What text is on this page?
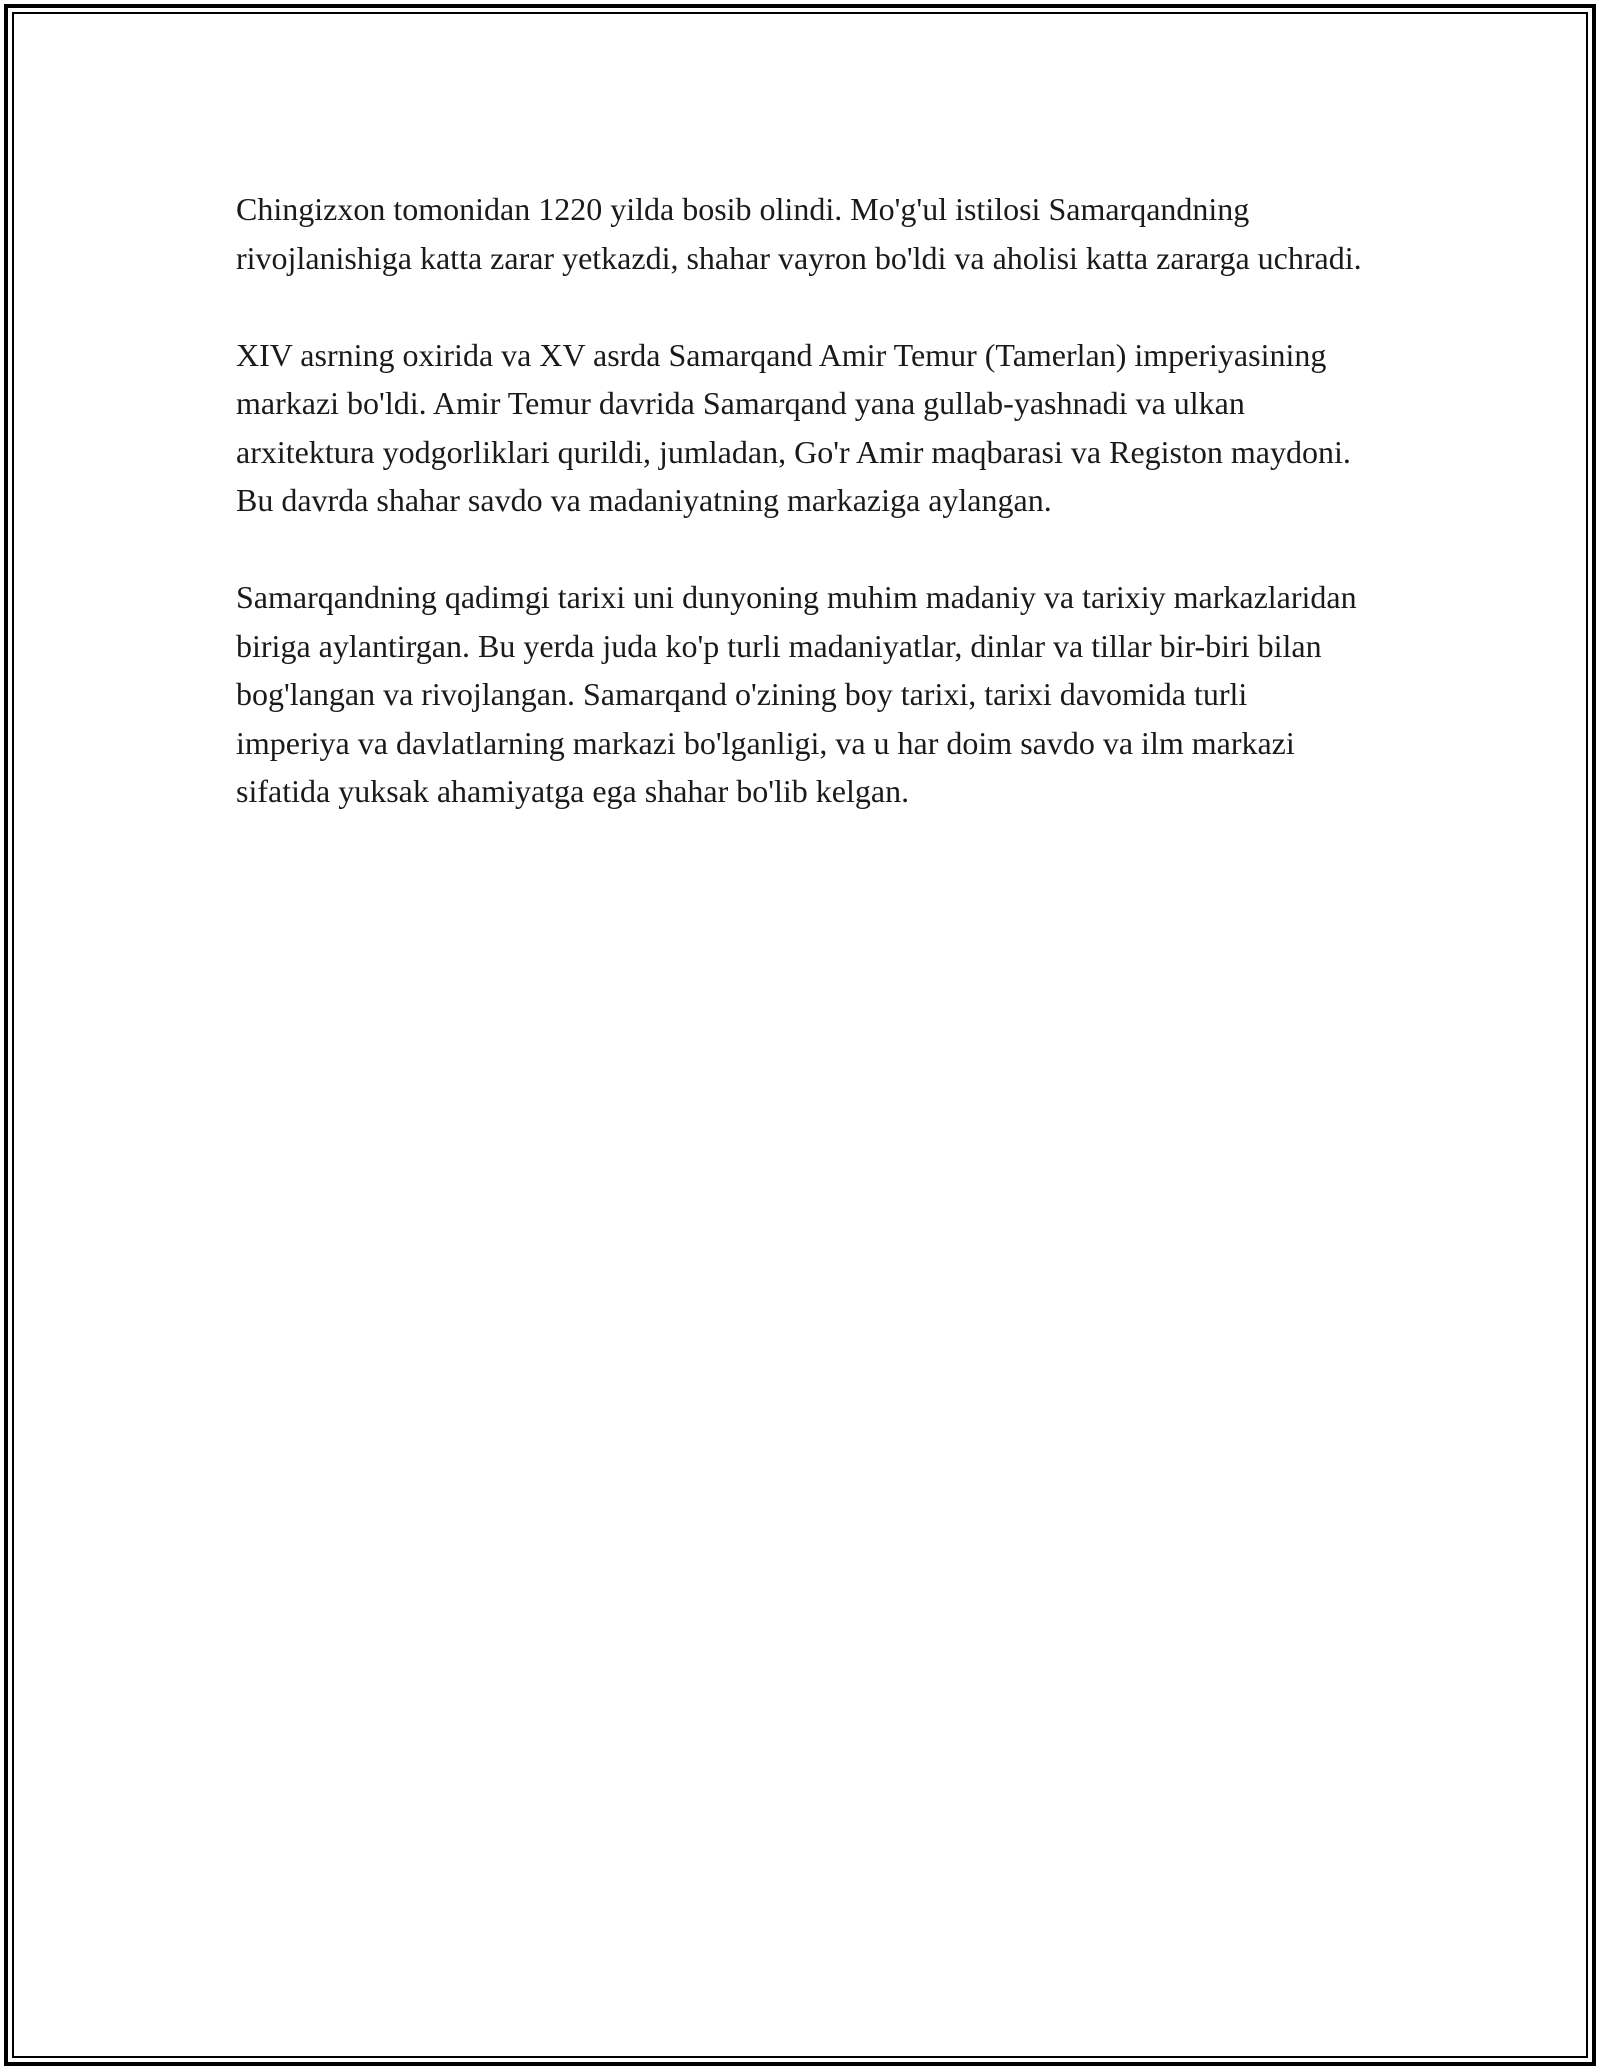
Chingizxon tomonidan 1220 yilda bosib olindi. Mo'g'ul istilosi Samarqandning rivojlanishiga katta zarar yetkazdi, shahar vayron bo'ldi va aholisi katta zararga uchradi.

XIV asrning oxirida va XV asrda Samarqand Amir Temur (Tamerlan) imperiyasining markazi bo'ldi. Amir Temur davrida Samarqand yana gullab-yashnadi va ulkan arxitektura yodgorliklari qurildi, jumladan, Go'r Amir maqbarasi va Registon maydoni. Bu davrda shahar savdo va madaniyatning markaziga aylangan.

Samarqandning qadimgi tarixi uni dunyoning muhim madaniy va tarixiy markazlaridan biriga aylantirgan. Bu yerda juda ko'p turli madaniyatlar, dinlar va tillar bir-biri bilan bog'langan va rivojlangan. Samarqand o'zining boy tarixi, tarixi davomida turli imperiya va davlatlarning markazi bo'lganligi, va u har doim savdo va ilm markazi sifatida yuksak ahamiyatga ega shahar bo'lib kelgan.
